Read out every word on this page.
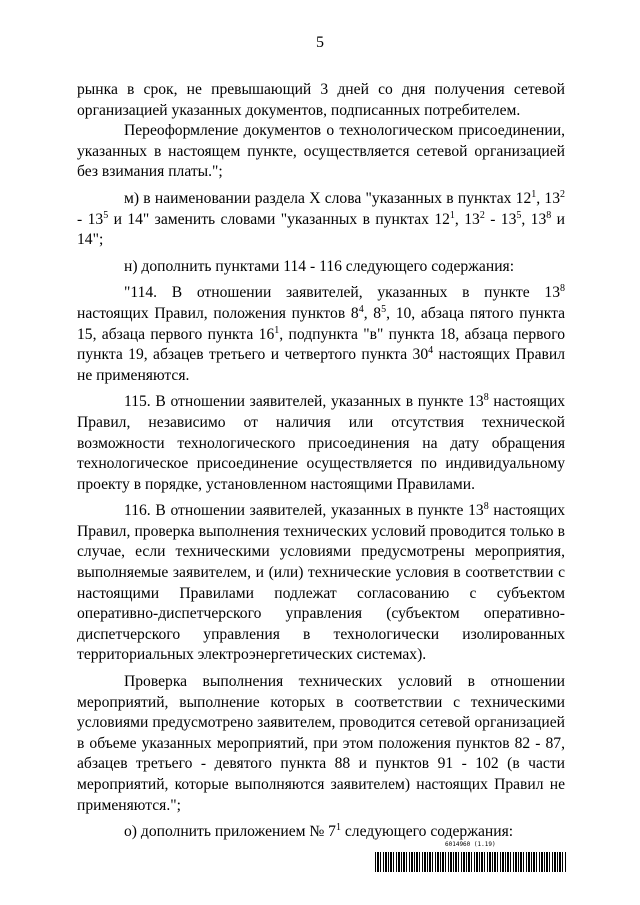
5

рынка в срок, не превышающий 3 дней со дня получения сетевой организацией указанных документов, подписанных потребителем.

Переоформление документов о технологическом присоединении, указанных в настоящем пункте, осуществляется сетевой организацией без взимания платы.";

м) в наименовании раздела X слова "указанных в пунктах $12^1$, $13^2 - 13^5$ и 14" заменить словами "указанных в пунктах $12^1$, $13^2 - 13^5$, $13^8$ и 14";

н) дополнить пунктами 114 - 116 следующего содержания:

"114. В отношении заявителей, указанных в пункте $13^8$ настоящих Правил, положения пунктов $8^4$, $8^5$, 10, абзаца пятого пункта 15, абзаца первого пункта $16^1$, подпункта "в" пункта 18, абзаца первого пункта 19, абзацев третьего и четвертого пункта $30^4$ настоящих Правил не применяются.

115. В отношении заявителей, указанных в пункте $13^8$ настоящих Правил, независимо от наличия или отсутствия технической возможности технологического присоединения на дату обращения технологическое присоединение осуществляется по индивидуальному проекту в порядке, установленном настоящими Правилами.

116. В отношении заявителей, указанных в пункте $13^8$ настоящих Правил, проверка выполнения технических условий проводится только в случае, если техническими условиями предусмотрены мероприятия, выполняемые заявителем, и (или) технические условия в соответствии с настоящими Правилами подлежат согласованию с субъектом оперативно-диспетчерского управления (субъектом оперативно-диспетчерского управления в технологически изолированных территориальных электроэнергетических системах).

Проверка выполнения технических условий в отношении мероприятий, выполнение которых в соответствии с техническими условиями предусмотрено заявителем, проводится сетевой организацией в объеме указанных мероприятий, при этом положения пунктов 82 - 87, абзацев третьего - девятого пункта 88 и пунктов 91 - 102 (в части мероприятий, которые выполняются заявителем) настоящих Правил не применяются.";

о) дополнить приложением № $7^1$ следующего содержания:

6014960 (1.19)
